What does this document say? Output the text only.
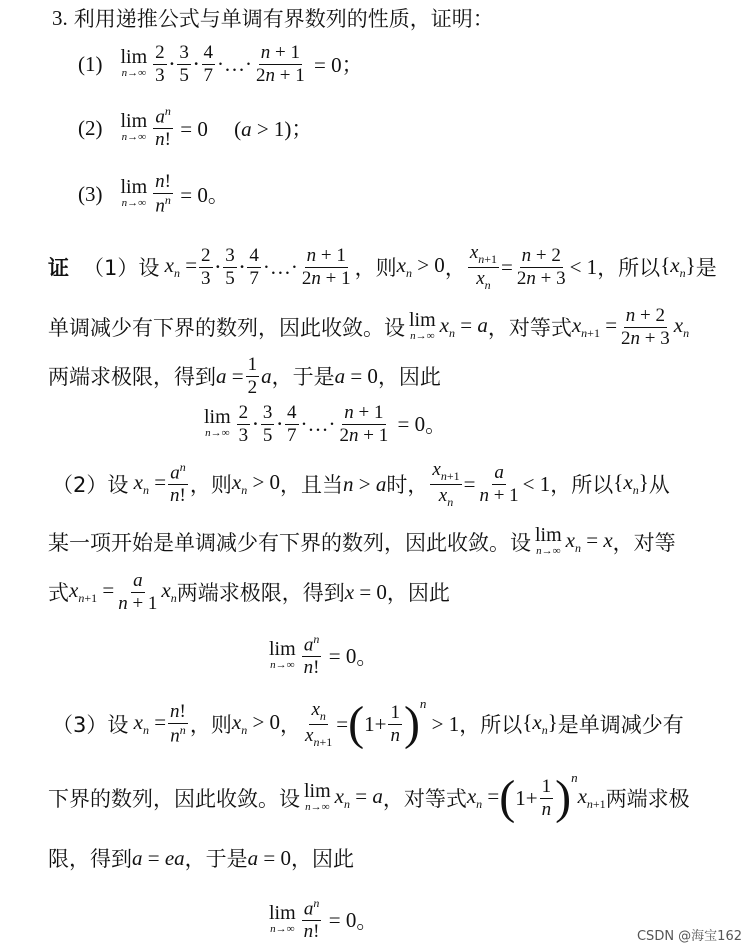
3. 利用递推公式与单调有界数列的性质，证明：
(1) lim
$n\to\infty \frac{2}{3} \cdot \frac{3}{5} \cdot \frac{4}{7}$ ·…· $\frac{n + 1}{2n + 1} = 0$；
(2) lim
$n\to\infty \frac{a^n}{n!} = 0$     (a > 1)；
(3) lim
$n\to\infty \frac{n!}{n^n} = 0$。
证 （1） 设 $x_n = \frac{2}{3} \cdot \frac{3}{5} \cdot \frac{4}{7}$ ·…· $\frac{n + 1}{2n + 1}$ ，则 $x_n > 0$ ， $\frac{x_{n+1}}{x_n} = \frac{n + 2}{2n + 3} < 1$ ，所以 $\{x_n\}$ 是
单调减少有下界的数列，因此收敛。设 lim
n→∞ $x_n = a$ ，对等式 $x_{n+1} = \frac{n + 2}{2n + 3} x_n$
两端求极限，得到 $a = \frac{1}{2}$ a ，于是 a = 0 ，因此
lim
$n\to\infty \frac{2}{3} \cdot \frac{3}{5} \cdot \frac{4}{7}$ ·…· $\frac{n + 1}{2n + 1} = 0$ 。
（2） 设 $x_n = \frac{a^n}{n!}$ ，则 $x_n > 0$ ，且当 n > a 时， $\frac{x_{n+1}}{x_n} = \frac{a}{n + 1} < 1$ ，所以 $\{x_n\}$ 从
某一项开始是单调减少有下界的数列，因此收敛。设 lim
n→∞ $x_n = x$ ，对等
式 $x_{n+1} = \frac{a}{n + 1} x_n$ 两端求极限，得到 x = 0 ，因此
lim
$n\to\infty \frac{a^n}{n!} = 0$ 。
（3） 设 $x_n = \frac{n!}{n^n}$ ，则 $x_n > 0$ ， $\frac{x_n}{x_{n+1}}$ = ( $1+ \frac{1}{n}$ ) n
> 1 ，所以 $\{x_n\}$ 是单调减少有
下界的数列，因此收敛。设 lim
n→∞ $x_n = a$ ，对等式 $x_n$ = ( $1+ \frac{1}{n}$ ) n
$x_{n+1}$ 两端求极
限，得到 a = ea ，于是 a = 0 ，因此
lim
$n\to\infty \frac{a^n}{n!} = 0$ 。
CSDN @海宝162
